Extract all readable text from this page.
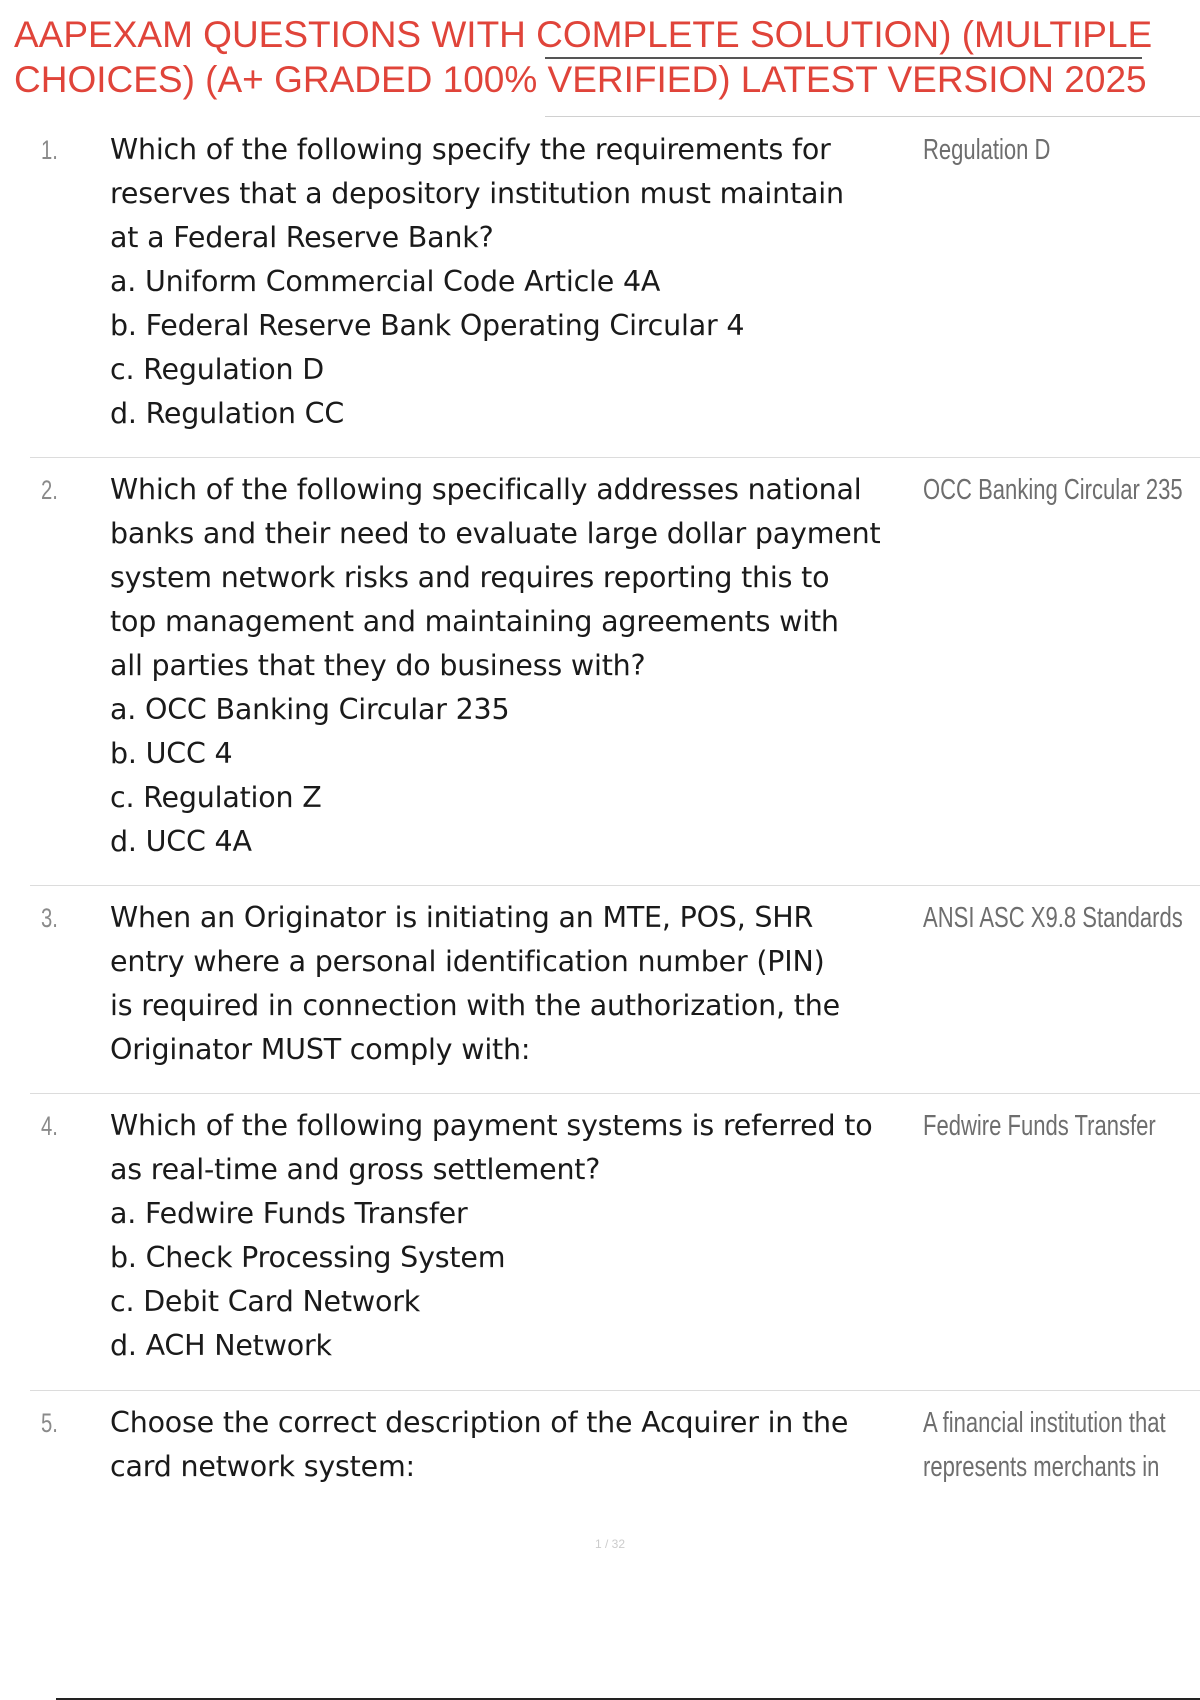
AAPEXAM QUESTIONS WITH COMPLETE SOLUTION) (MULTIPLE
CHOICES) (A+ GRADED 100% VERIFIED) LATEST VERSION 2025
1. Which of the following specify the requirements for
reserves that a depository institution must maintain
at a Federal Reserve Bank?
a. Uniform Commercial Code Article 4A
b. Federal Reserve Bank Operating Circular 4
c. Regulation D
d. Regulation CC
Regulation D
2. Which of the following specifically addresses national
banks and their need to evaluate large dollar payment
system network risks and requires reporting this to
top management and maintaining agreements with
all parties that they do business with?
a. OCC Banking Circular 235
b. UCC 4
c. Regulation Z
d. UCC 4A
OCC Banking Circular 235
3. When an Originator is initiating an MTE, POS, SHR
entry where a personal identification number (PIN)
is required in connection with the authorization, the
Originator MUST comply with:
ANSI ASC X9.8 Standards
4. Which of the following payment systems is referred to
as real-time and gross settlement?
a. Fedwire Funds Transfer
b. Check Processing System
c. Debit Card Network
d. ACH Network
Fedwire Funds Transfer
5. Choose the correct description of the Acquirer in the
card network system:
A financial institution that
represents merchants in
1 / 32
